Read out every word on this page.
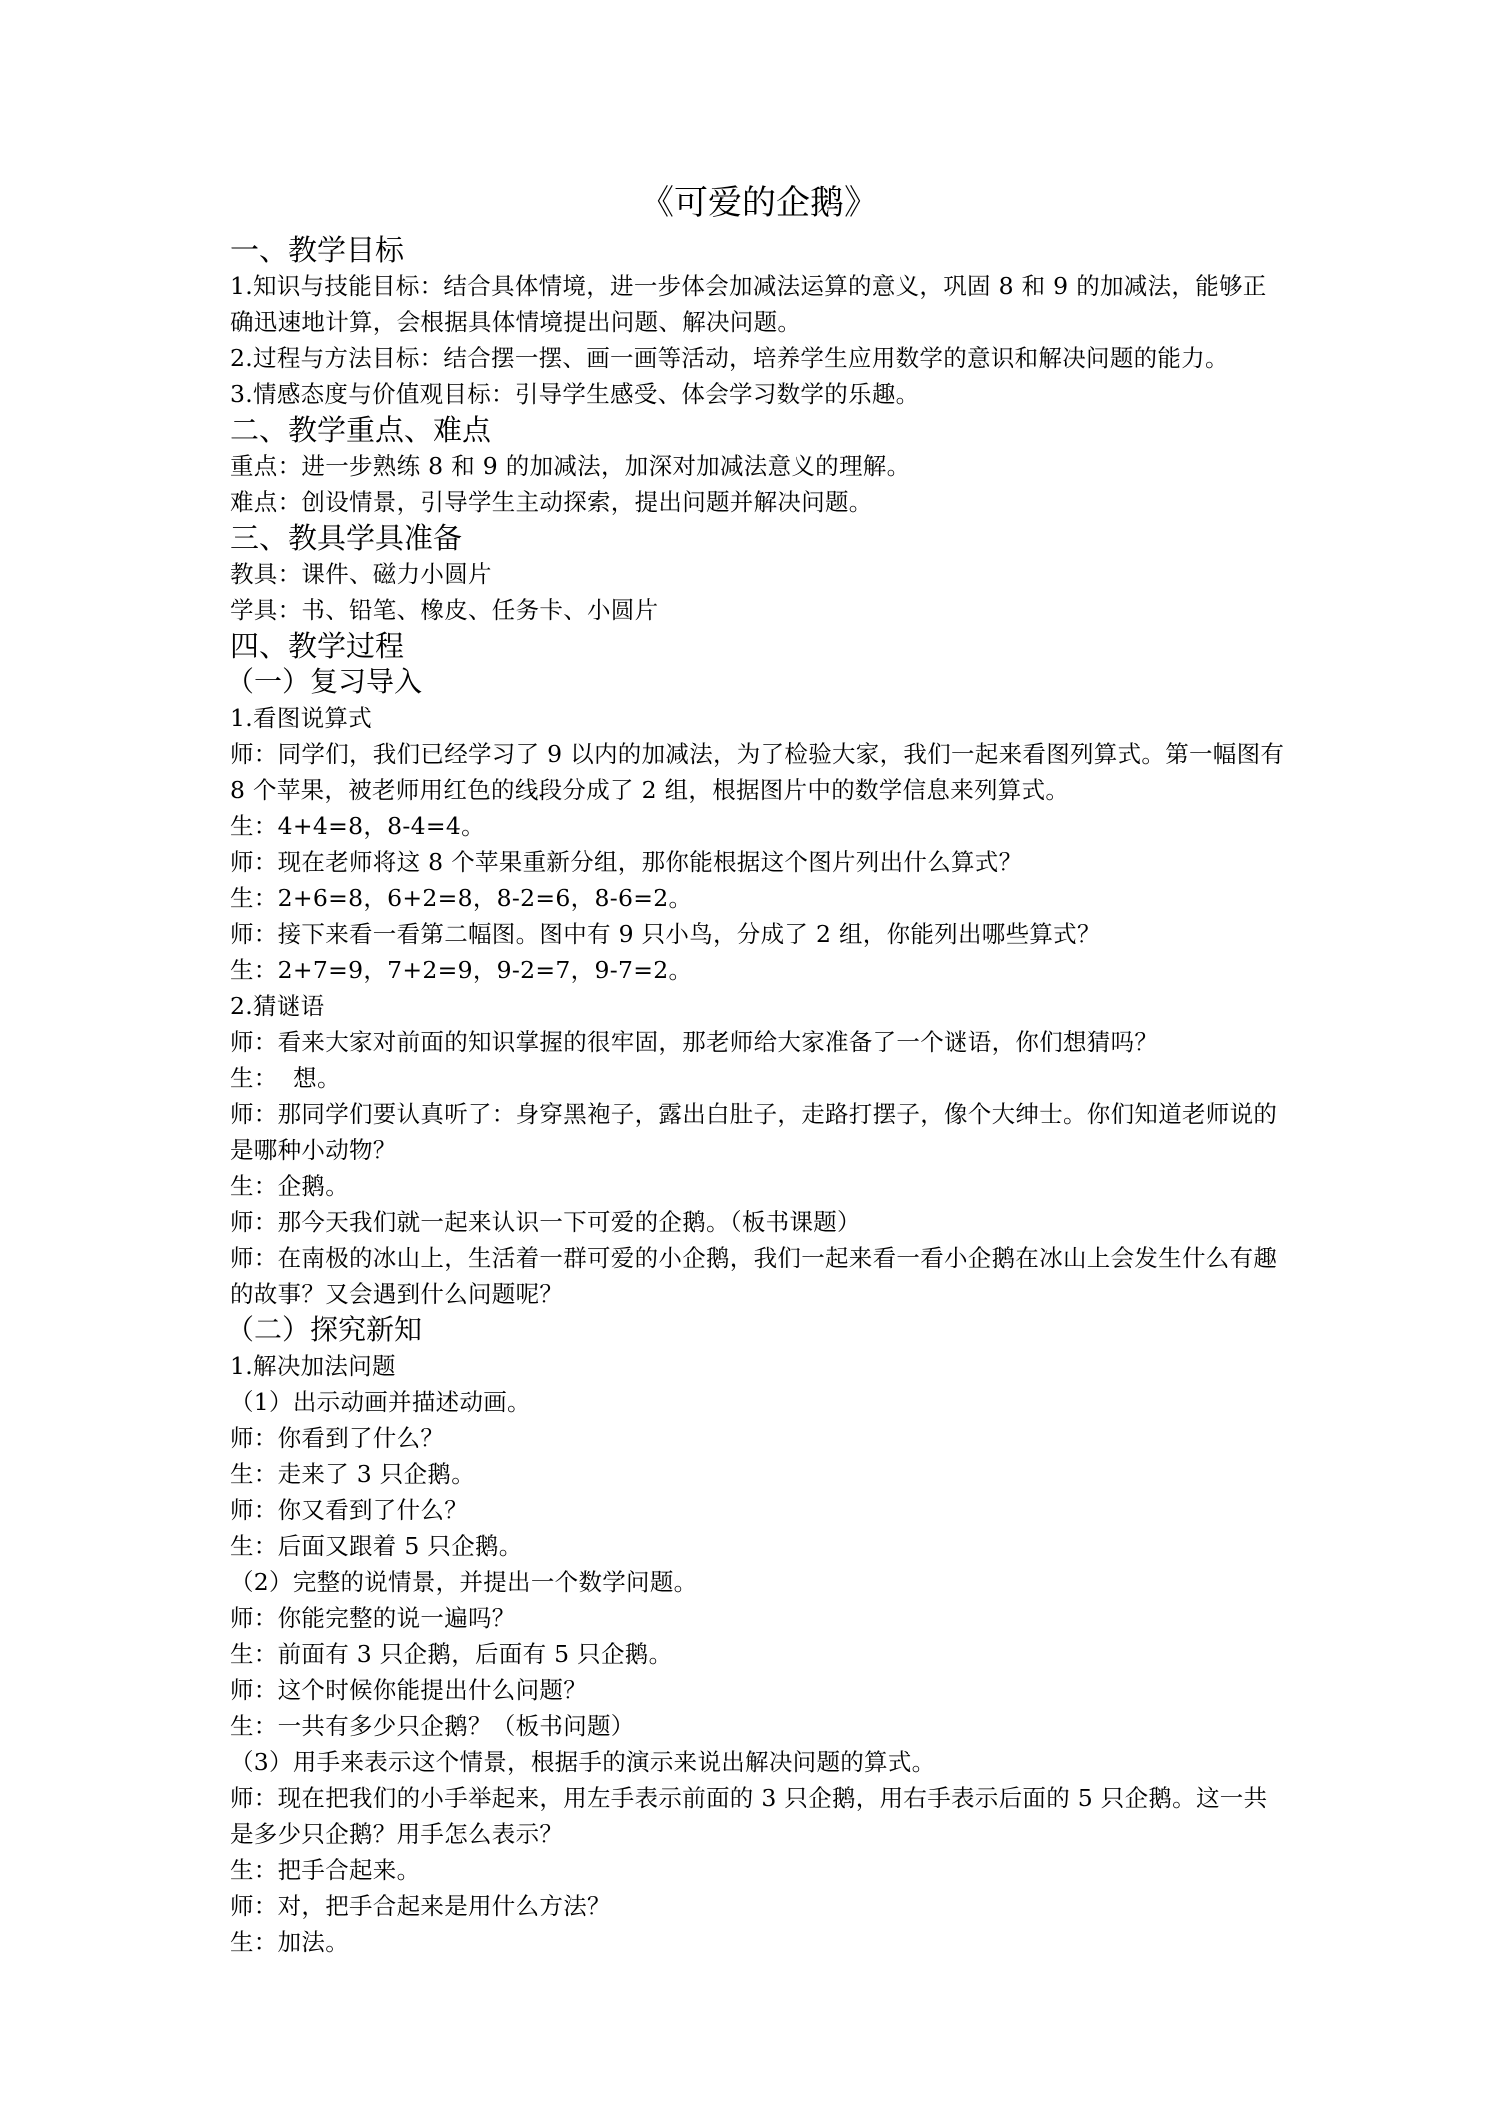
《可爱的企鹅》
一、教学目标
1.知识与技能目标：结合具体情境，进一步体会加减法运算的意义，巩固 8 和 9 的加减法，能够正确迅速地计算，会根据具体情境提出问题、解决问题。
2.过程与方法目标：结合摆一摆、画一画等活动，培养学生应用数学的意识和解决问题的能力。
3.情感态度与价值观目标：引导学生感受、体会学习数学的乐趣。
二、教学重点、难点
重点：进一步熟练 8 和 9 的加减法，加深对加减法意义的理解。
难点：创设情景，引导学生主动探索，提出问题并解决问题。
三、教具学具准备
教具：课件、磁力小圆片
学具：书、铅笔、橡皮、任务卡、小圆片
四、教学过程
（一）复习导入
1.看图说算式
师：同学们，我们已经学习了 9 以内的加减法，为了检验大家，我们一起来看图列算式。第一幅图有 8 个苹果，被老师用红色的线段分成了 2 组，根据图片中的数学信息来列算式。
生：4+4=8，8-4=4。
师：现在老师将这 8 个苹果重新分组，那你能根据这个图片列出什么算式？
生：2+6=8，6+2=8，8-2=6，8-6=2。
师：接下来看一看第二幅图。图中有 9 只小鸟，分成了 2 组，你能列出哪些算式？
生：2+7=9，7+2=9，9-2=7，9-7=2。
2.猜谜语
师：看来大家对前面的知识掌握的很牢固，那老师给大家准备了一个谜语，你们想猜吗？
生：  想。
师：那同学们要认真听了：身穿黑袍子，露出白肚子，走路打摆子，像个大绅士。你们知道老师说的是哪种小动物？
生：企鹅。
师：那今天我们就一起来认识一下可爱的企鹅。（板书课题）
师：在南极的冰山上，生活着一群可爱的小企鹅，我们一起来看一看小企鹅在冰山上会发生什么有趣的故事？又会遇到什么问题呢？
（二）探究新知
1.解决加法问题
（1）出示动画并描述动画。
师：你看到了什么？
生：走来了 3 只企鹅。
师：你又看到了什么？
生：后面又跟着 5 只企鹅。
（2）完整的说情景，并提出一个数学问题。
师：你能完整的说一遍吗？
生：前面有 3 只企鹅，后面有 5 只企鹅。
师：这个时候你能提出什么问题？
生：一共有多少只企鹅？（板书问题）
（3）用手来表示这个情景，根据手的演示来说出解决问题的算式。
师：现在把我们的小手举起来，用左手表示前面的 3 只企鹅，用右手表示后面的 5 只企鹅。这一共是多少只企鹅？用手怎么表示？
生：把手合起来。
师：对，把手合起来是用什么方法？
生：加法。
